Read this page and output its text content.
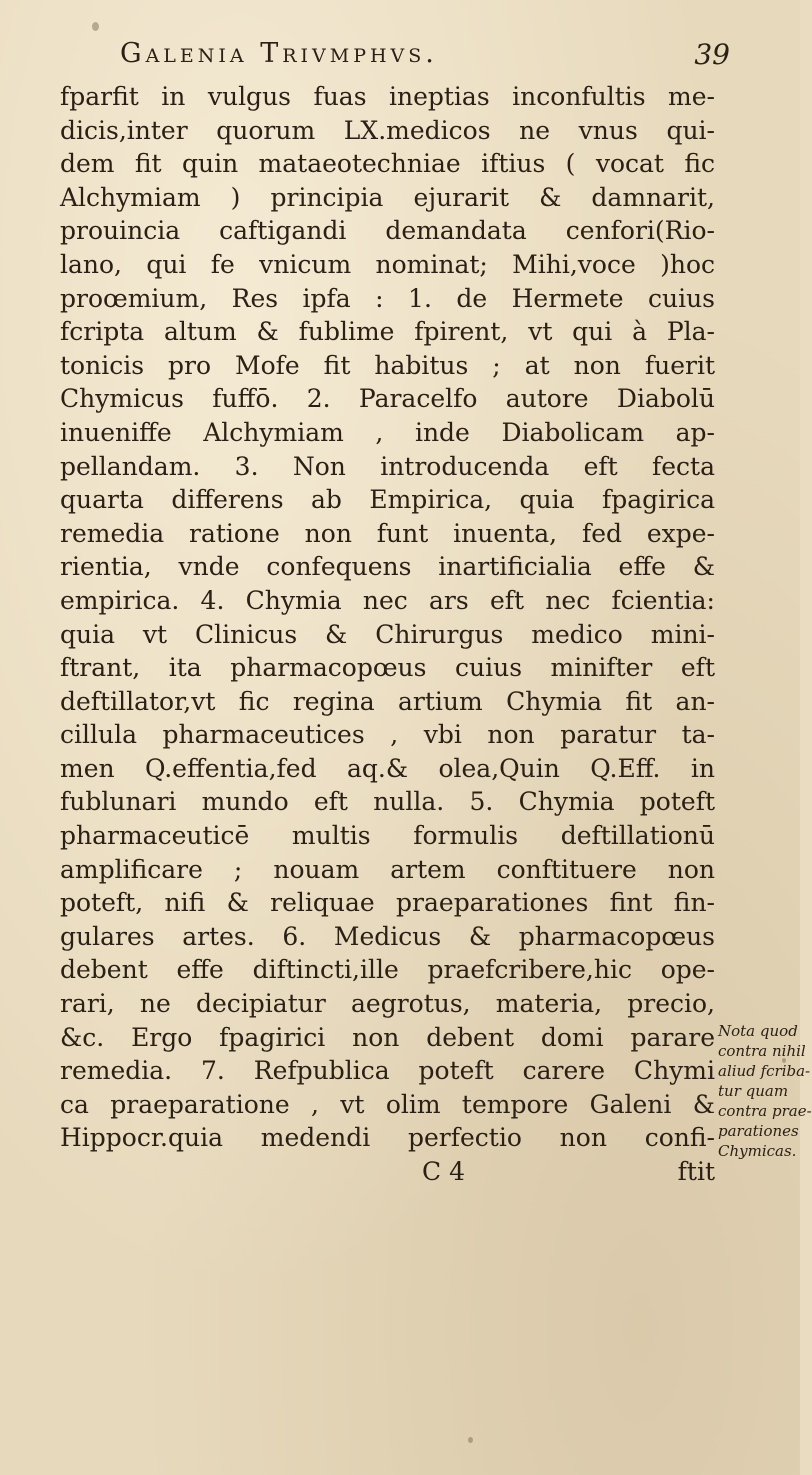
Galenia Trivmphvs.	39
fparfit in vulgus fuas ineptias inconfultis me-
dicis,inter quorum LX.medicos ne vnus qui-
dem fit quin mataeotechniae iftius ( vocat fic
Alchymiam ) principia ejurarit & damnarit,
prouincia caftigandi demandata cenfori(Rio-
lano, qui fe vnicum nominat; Mihi,voce )hoc
proœmium, Res ipfa : 1. de Hermete cuius
fcripta altum & fublime fpirent, vt qui à Pla-
tonicis pro Mofe fit habitus ; at non fuerit
Chymicus fuffō. 2. Paracelfo autore Diabolū
inueniffe Alchymiam , inde Diabolicam ap-
pellandam. 3. Non introducenda eft fecta
quarta differens ab Empirica, quia fpagirica
remedia ratione non funt inuenta, fed expe-
rientia, vnde confequens inartificialia effe &
empirica. 4. Chymia nec ars eft nec fcientia:
quia vt Clinicus & Chirurgus medico mini-
ftrant, ita pharmacopœus cuius minifter eft
deftillator,vt fic regina artium Chymia fit an-
cillula pharmaceutices , vbi non paratur ta-
men Q.effentia,fed aq.& olea,Quin Q.Eff. in
fublunari mundo eft nulla. 5. Chymia poteft
pharmaceuticē multis formulis deftillationū
amplificare ; nouam artem conftituere non
poteft, nifi & reliquae praeparationes fint fin-
gulares artes. 6. Medicus & pharmacopœus
debent effe diftincti,ille praefcribere,hic ope-
rari, ne decipiatur aegrotus, materia, precio,
&c. Ergo fpagirici non debent domi parare
remedia. 7. Refpublica poteft carere Chymi
ca praeparatione , vt olim tempore Galeni &
Hippocr.quia medendi perfectio non confi-
C 4	ftit
Nota quod
contra nihil
aliud fcriba-
tur quam
contra prae-
parationes
Chymicas.
